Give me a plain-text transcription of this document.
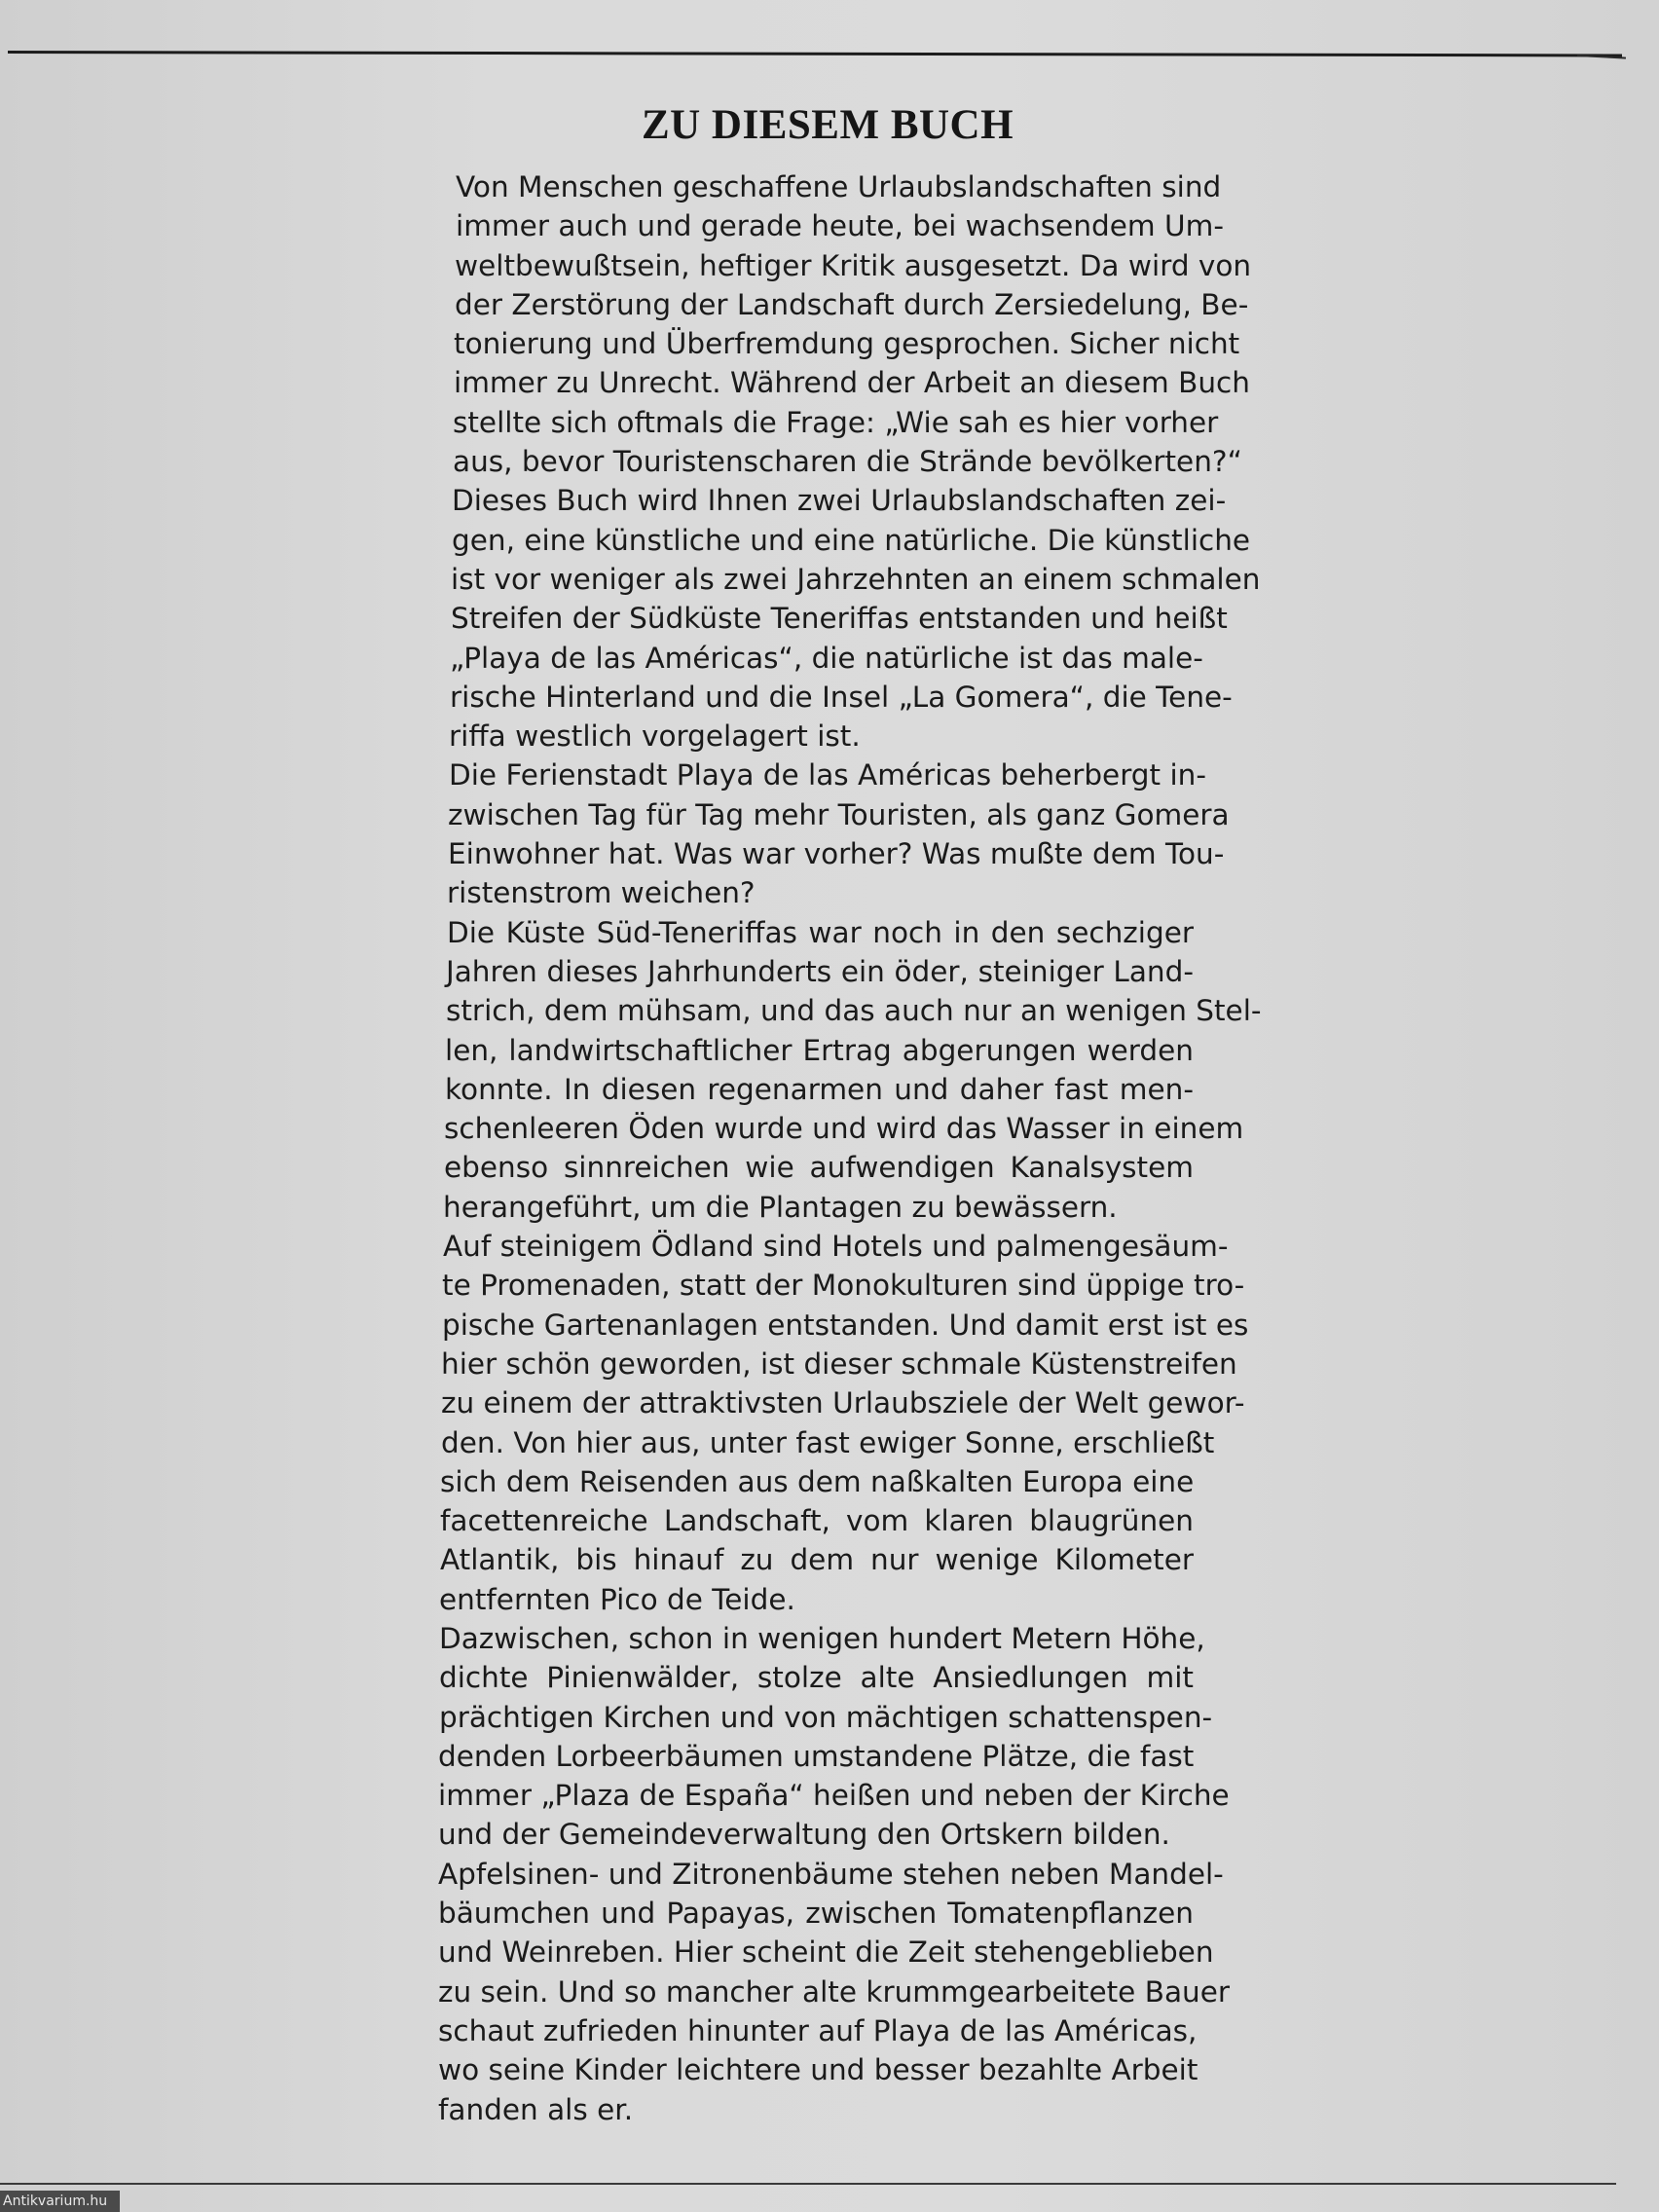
ZU DIESEM BUCH
Von Menschen geschaffene Urlaubslandschaften sind
immer auch und gerade heute, bei wachsendem Um-
weltbewußtsein, heftiger Kritik ausgesetzt. Da wird von
der Zerstörung der Landschaft durch Zersiedelung, Be-
tonierung und Überfremdung gesprochen. Sicher nicht
immer zu Unrecht. Während der Arbeit an diesem Buch
stellte sich oftmals die Frage: „Wie sah es hier vorher
aus, bevor Touristenscharen die Strände bevölkerten?“
Dieses Buch wird Ihnen zwei Urlaubslandschaften zei-
gen, eine künstliche und eine natürliche. Die künstliche
ist vor weniger als zwei Jahrzehnten an einem schmalen
Streifen der Südküste Teneriffas entstanden und heißt
„Playa de las Américas“, die natürliche ist das male-
rische Hinterland und die Insel „La Gomera“, die Tene-
riffa westlich vorgelagert ist.
Die Ferienstadt Playa de las Américas beherbergt in-
zwischen Tag für Tag mehr Touristen, als ganz Gomera
Einwohner hat. Was war vorher? Was mußte dem Tou-
ristenstrom weichen?
Die Küste Süd-Teneriffas war noch in den sechziger
Jahren dieses Jahrhunderts ein öder, steiniger Land-
strich, dem mühsam, und das auch nur an wenigen Stel-
len, landwirtschaftlicher Ertrag abgerungen werden
konnte. In diesen regenarmen und daher fast men-
schenleeren Öden wurde und wird das Wasser in einem
ebenso sinnreichen wie aufwendigen Kanalsystem
herangeführt, um die Plantagen zu bewässern.
Auf steinigem Ödland sind Hotels und palmengesäum-
te Promenaden, statt der Monokulturen sind üppige tro-
pische Gartenanlagen entstanden. Und damit erst ist es
hier schön geworden, ist dieser schmale Küstenstreifen
zu einem der attraktivsten Urlaubsziele der Welt gewor-
den. Von hier aus, unter fast ewiger Sonne, erschließt
sich dem Reisenden aus dem naßkalten Europa eine
facettenreiche Landschaft, vom klaren blaugrünen
Atlantik, bis hinauf zu dem nur wenige Kilometer
entfernten Pico de Teide.
Dazwischen, schon in wenigen hundert Metern Höhe,
dichte Pinienwälder, stolze alte Ansiedlungen mit
prächtigen Kirchen und von mächtigen schattenspen-
denden Lorbeerbäumen umstandene Plätze, die fast
immer „Plaza de España“ heißen und neben der Kirche
und der Gemeindeverwaltung den Ortskern bilden.
Apfelsinen- und Zitronenbäume stehen neben Mandel-
bäumchen und Papayas, zwischen Tomatenpflanzen
und Weinreben. Hier scheint die Zeit stehengeblieben
zu sein. Und so mancher alte krummgearbeitete Bauer
schaut zufrieden hinunter auf Playa de las Américas,
wo seine Kinder leichtere und besser bezahlte Arbeit
fanden als er.
Antikvarium.hu
